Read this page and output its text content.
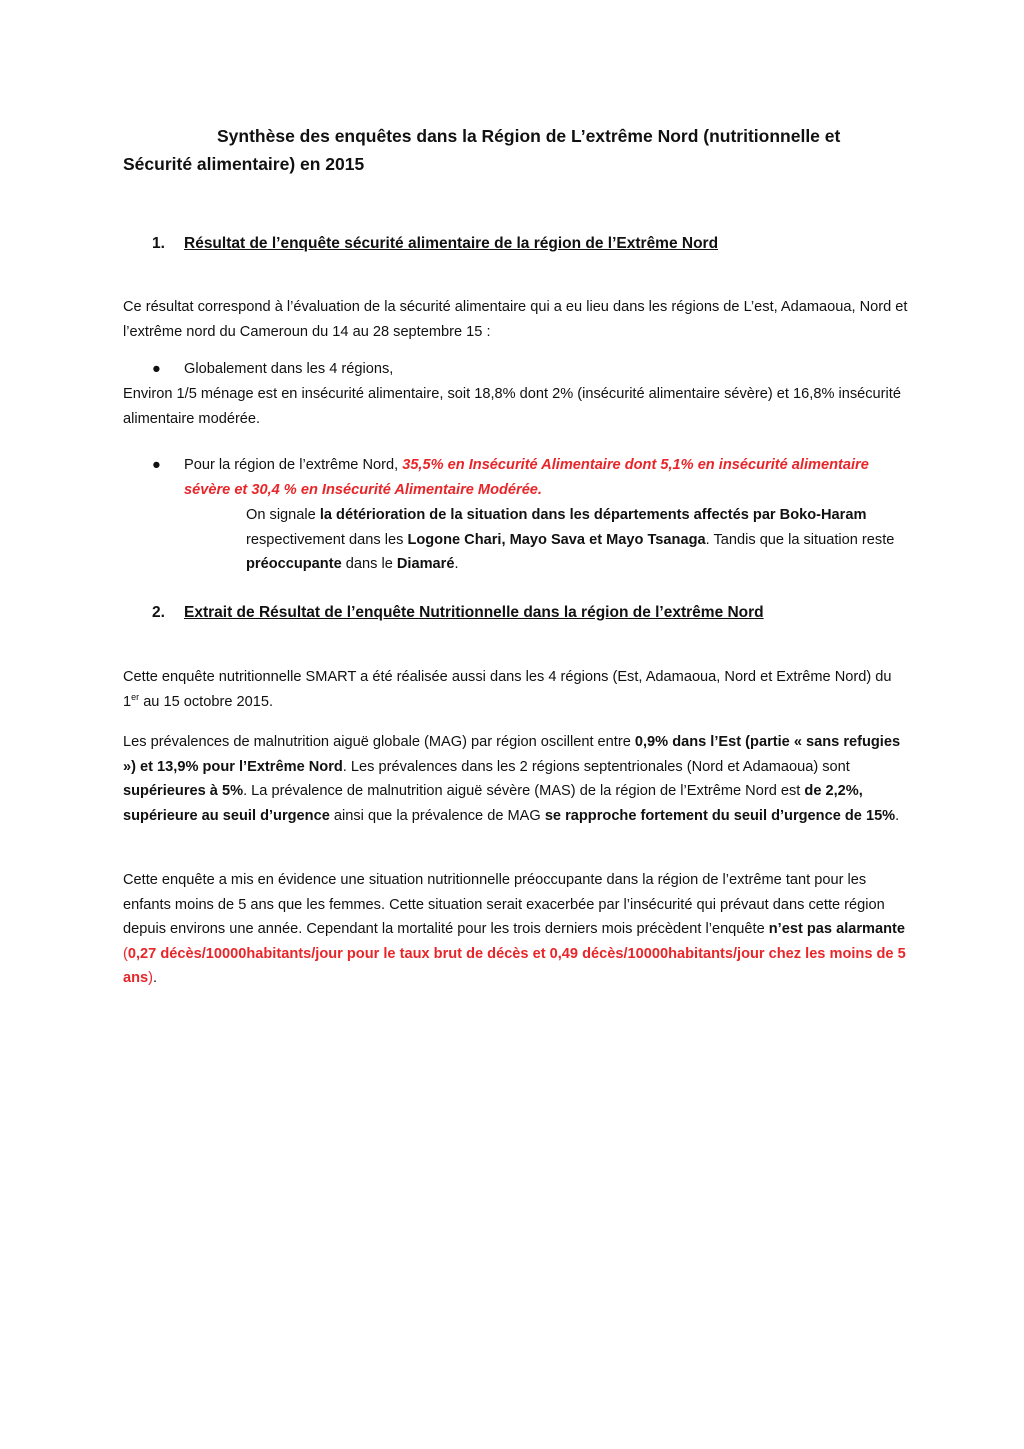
Synthèse des enquêtes dans la Région de L’extrême Nord (nutritionnelle et
Sécurité alimentaire) en 2015
1. Résultat de l’enquête sécurité alimentaire de la région de l’Extrême Nord
Ce résultat correspond à l’évaluation de la sécurité alimentaire qui a eu lieu dans les régions de L’est, Adamaoua, Nord et l’extrême nord du Cameroun du 14 au 28 septembre 15 :
● Globalement dans les 4 régions,
Environ 1/5 ménage est en insécurité alimentaire, soit 18,8% dont 2% (insécurité alimentaire sévère) et 16,8% insécurité alimentaire modérée.
● Pour la région de l’extrême Nord, 35,5% en Insécurité Alimentaire dont 5,1% en insécurité alimentaire sévère et 30,4 % en Insécurité Alimentaire Modérée.
On signale la détérioration de la situation dans les départements affectés par Boko-Haram respectivement dans les Logone Chari, Mayo Sava et Mayo Tsanaga. Tandis que la situation reste préoccupante dans le Diamaré.
2. Extrait de Résultat de l’enquête Nutritionnelle dans la région de l’extrême Nord
Cette enquête nutritionnelle SMART a été réalisée aussi dans les 4 régions (Est, Adamaoua, Nord et Extrême Nord) du 1er au 15 octobre 2015.
Les prévalences de malnutrition aiguë globale (MAG) par région oscillent entre 0,9% dans l’Est (partie « sans refugies ») et 13,9% pour l’Extrême Nord. Les prévalences dans les 2 régions septentrionales (Nord et Adamaoua) sont supérieures à 5%. La prévalence de malnutrition aiguë sévère (MAS) de la région de l’Extrême Nord est de 2,2%, supérieure au seuil d’urgence ainsi que la prévalence de MAG se rapproche fortement du seuil d’urgence de 15%.
Cette enquête a mis en évidence une situation nutritionnelle préoccupante dans la région de l’extrême tant pour les enfants moins de 5 ans que les femmes. Cette situation serait exacerbée par l’insécurité qui prévaut dans cette région depuis environs une année. Cependant la mortalité pour les trois derniers mois précèdent l’enquête n’est pas alarmante (0,27 décès/10000habitants/jour pour le taux brut de décès et 0,49 décès/10000habitants/jour chez les moins de 5 ans).
